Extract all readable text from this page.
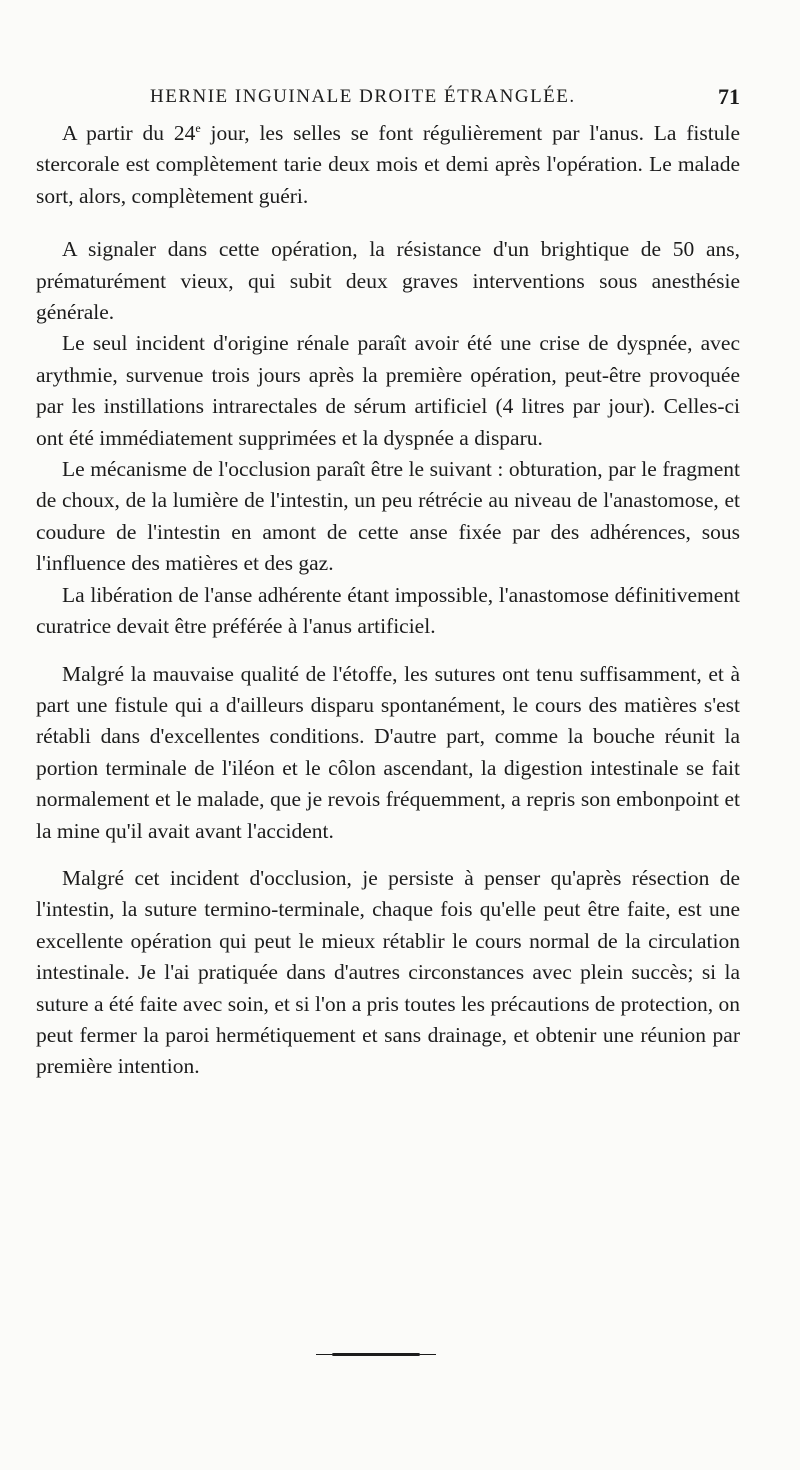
HERNIE INGUINALE DROITE ÉTRANGLÉE.	71

A partir du 24e jour, les selles se font régulièrement par l'anus. La fistule stercorale est complètement tarie deux mois et demi après l'opération. Le malade sort, alors, complètement guéri.

A signaler dans cette opération, la résistance d'un brightique de 50 ans, prématurément vieux, qui subit deux graves interventions sous anesthésie générale.

Le seul incident d'origine rénale paraît avoir été une crise de dyspnée, avec arythmie, survenue trois jours après la première opération, peut-être provoquée par les instillations intrarectales de sérum artificiel (4 litres par jour). Celles-ci ont été immédiatement supprimées et la dyspnée a disparu.

Le mécanisme de l'occlusion paraît être le suivant : obturation, par le fragment de choux, de la lumière de l'intestin, un peu rétrécie au niveau de l'anastomose, et coudure de l'intestin en amont de cette anse fixée par des adhérences, sous l'influence des matières et des gaz.

La libération de l'anse adhérente étant impossible, l'anastomose définitivement curatrice devait être préférée à l'anus artificiel.

Malgré la mauvaise qualité de l'étoffe, les sutures ont tenu suffisamment, et à part une fistule qui a d'ailleurs disparu spontanément, le cours des matières s'est rétabli dans d'excellentes conditions. D'autre part, comme la bouche réunit la portion terminale de l'iléon et le côlon ascendant, la digestion intestinale se fait normalement et le malade, que je revois fréquemment, a repris son embonpoint et la mine qu'il avait avant l'accident.

Malgré cet incident d'occlusion, je persiste à penser qu'après résection de l'intestin, la suture termino-terminale, chaque fois qu'elle peut être faite, est une excellente opération qui peut le mieux rétablir le cours normal de la circulation intestinale. Je l'ai pratiquée dans d'autres circonstances avec plein succès; si la suture a été faite avec soin, et si l'on a pris toutes les précautions de protection, on peut fermer la paroi hermétiquement et sans drainage, et obtenir une réunion par première intention.
